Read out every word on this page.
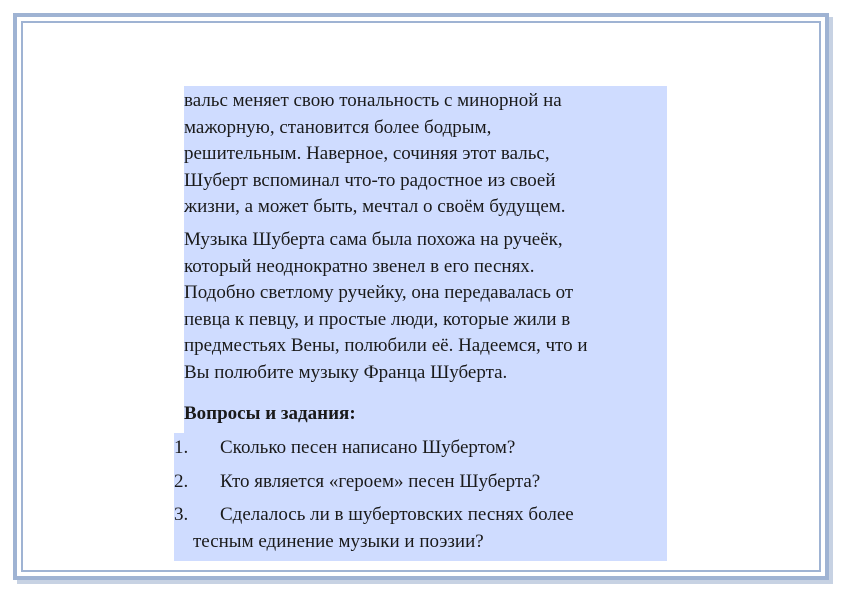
вальс меняет свою тональность с минорной на
мажорную, становится более бодрым,
решительным. Наверное, сочиняя этот вальс,
Шуберт вспоминал что-то радостное из своей
жизни, а может быть, мечтал о своём будущем.
Музыка Шуберта сама была похожа на ручеёк,
который неоднократно звенел в его песнях.
Подобно светлому ручейку, она передавалась от
певца к певцу, и простые люди, которые жили в
предместьях Вены, полюбили её. Надеемся, что и
Вы полюбите музыку Франца Шуберта.
Вопросы и задания:
1. Сколько песен написано Шубертом?
2. Кто является «героем» песен Шуберта?
3. Сделалось ли в шубертовских песнях более
тесным единение музыки и поэзии?
